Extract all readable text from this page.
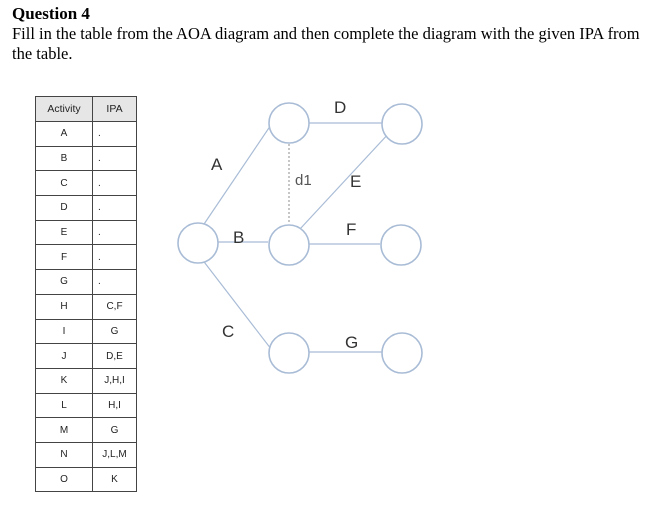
Question 4

Fill in the table from the AOA diagram and then complete the diagram with the given IPA from the table.

Activity	IPA
A	.
B	.
C	.
D	.
E	.
F	.
G	.
H	C,F
I	G
J	D,E
K	J,H,I
L	H,I
M	G
N	J,L,M
O	K
A
B
C
D
E
F
G
d1
